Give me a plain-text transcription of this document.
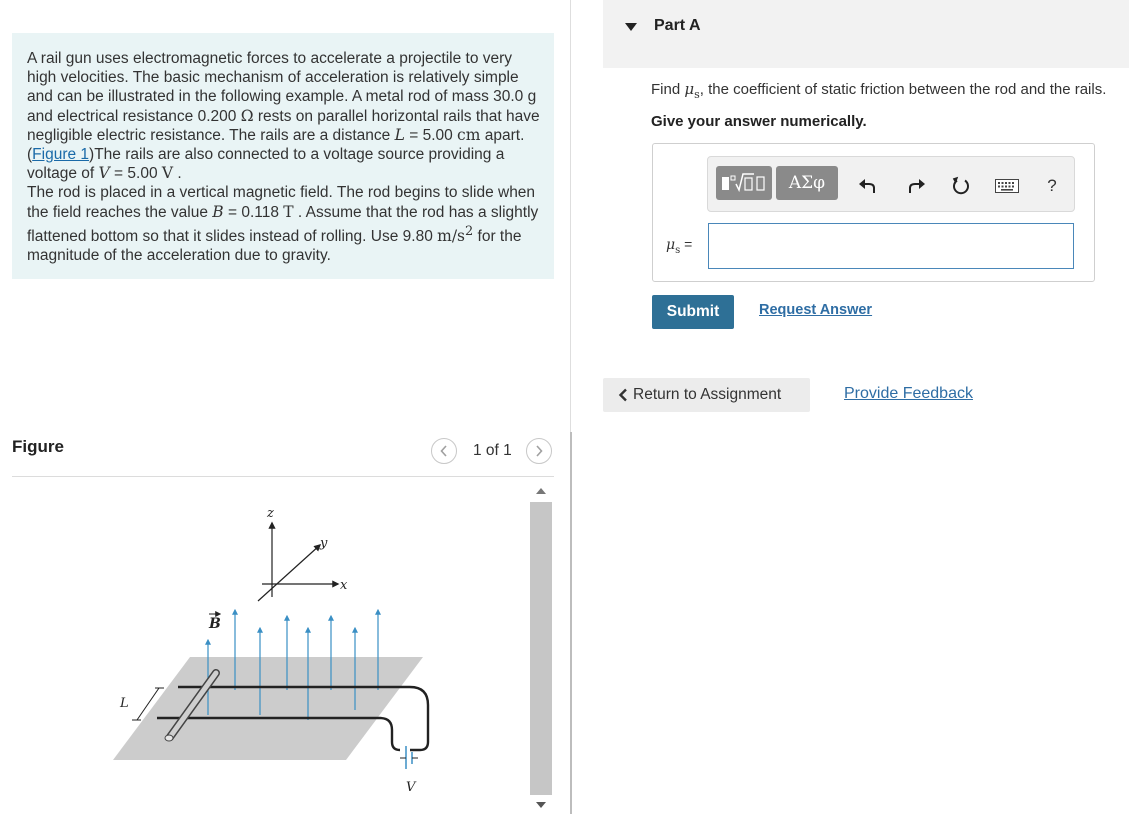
A rail gun uses electromagnetic forces to accelerate a projectile to very high velocities. The basic mechanism of acceleration is relatively simple and can be illustrated in the following example. A metal rod of mass 30.0 g and electrical resistance 0.200 Ω rests on parallel horizontal rails that have negligible electric resistance. The rails are a distance L = 5.00 cm apart. (Figure 1)The rails are also connected to a voltage source providing a voltage of V = 5.00 V .

The rod is placed in a vertical magnetic field. The rod begins to slide when the field reaches the value B = 0.118 T . Assume that the rod has a slightly flattened bottom so that it slides instead of rolling. Use 9.80 $m/s^2$ for the magnitude of the acceleration due to gravity.

Figure	1 of 1
z
y
x
B
V
L
Part A
Find $\mu_s$, the coefficient of static friction between the rod and the rails.
Give your answer numerically.
ΑΣφ	?
$\mu_s$ =
Submit	Request Answer
Return to Assignment	Provide Feedback
